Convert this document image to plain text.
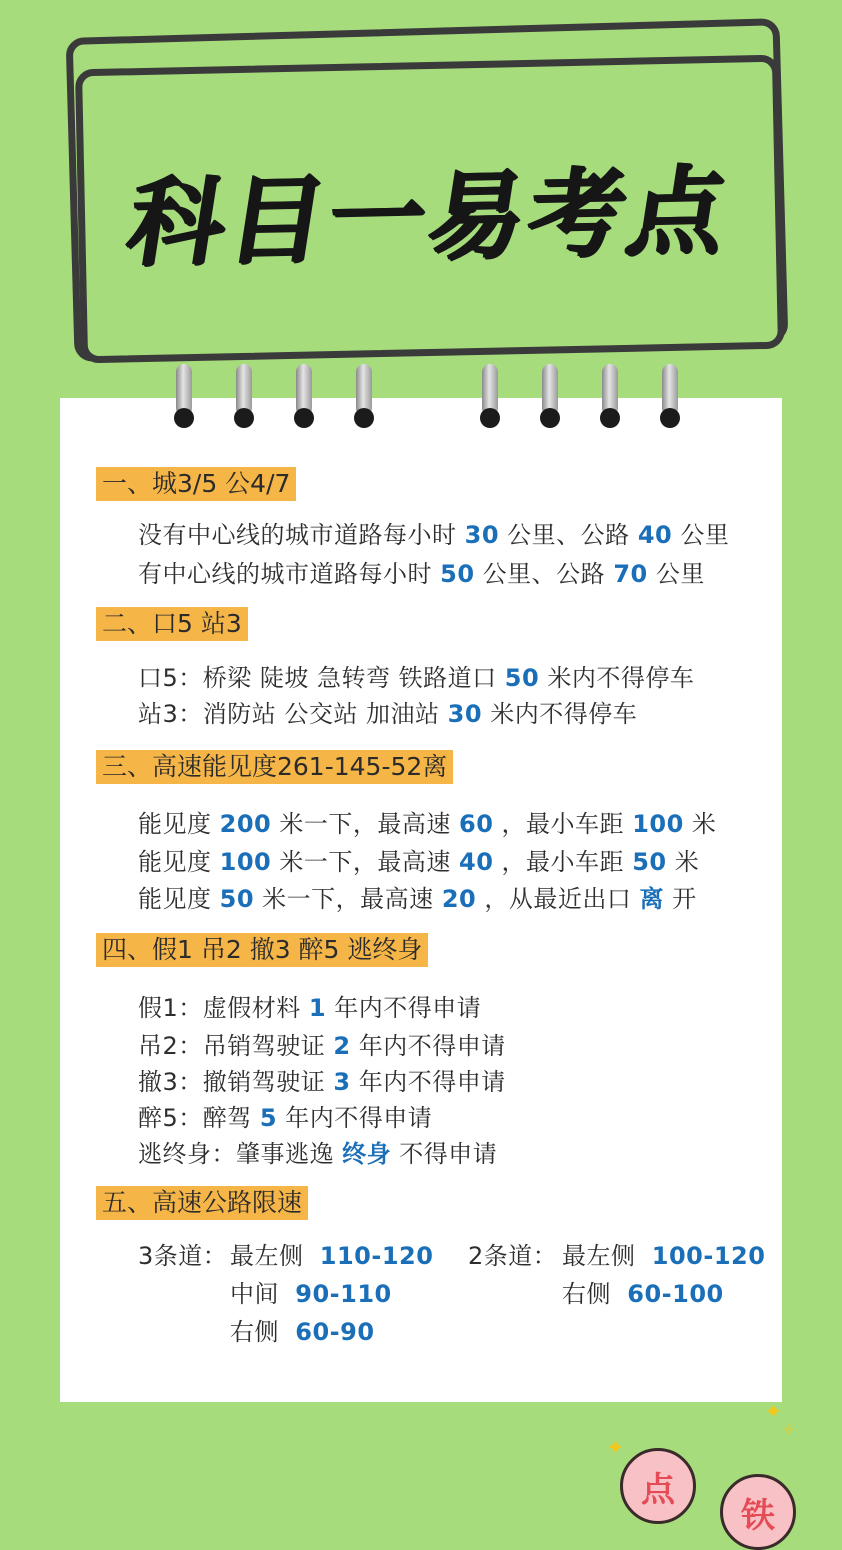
科目一易考点
一、城3/5 公4/7
没有中心线的城市道路每小时 30 公里、公路 40 公里
有中心线的城市道路每小时 50 公里、公路 70 公里
二、口5 站3
口5：桥梁 陡坡 急转弯 铁路道口 50 米内不得停车
站3：消防站 公交站 加油站 30 米内不得停车
三、高速能见度261-145-52离
能见度 200 米一下，最高速 60 ，最小车距 100 米
能见度 100 米一下，最高速 40 ，最小车距 50 米
能见度 50 米一下，最高速 20 ，从最近出口 离 开
四、假1 吊2 撤3 醉5 逃终身
假1：虚假材料 1 年内不得申请
吊2：吊销驾驶证 2 年内不得申请
撤3：撤销驾驶证 3 年内不得申请
醉5：醉驾 5 年内不得申请
逃终身：肇事逃逸 终身 不得申请
五、高速公路限速
3条道： 最左侧 110-120
中间 90-110
右侧 60-90
2条道： 最左侧 100-120
右侧 60-100
✦
✧
✦
点
铁
